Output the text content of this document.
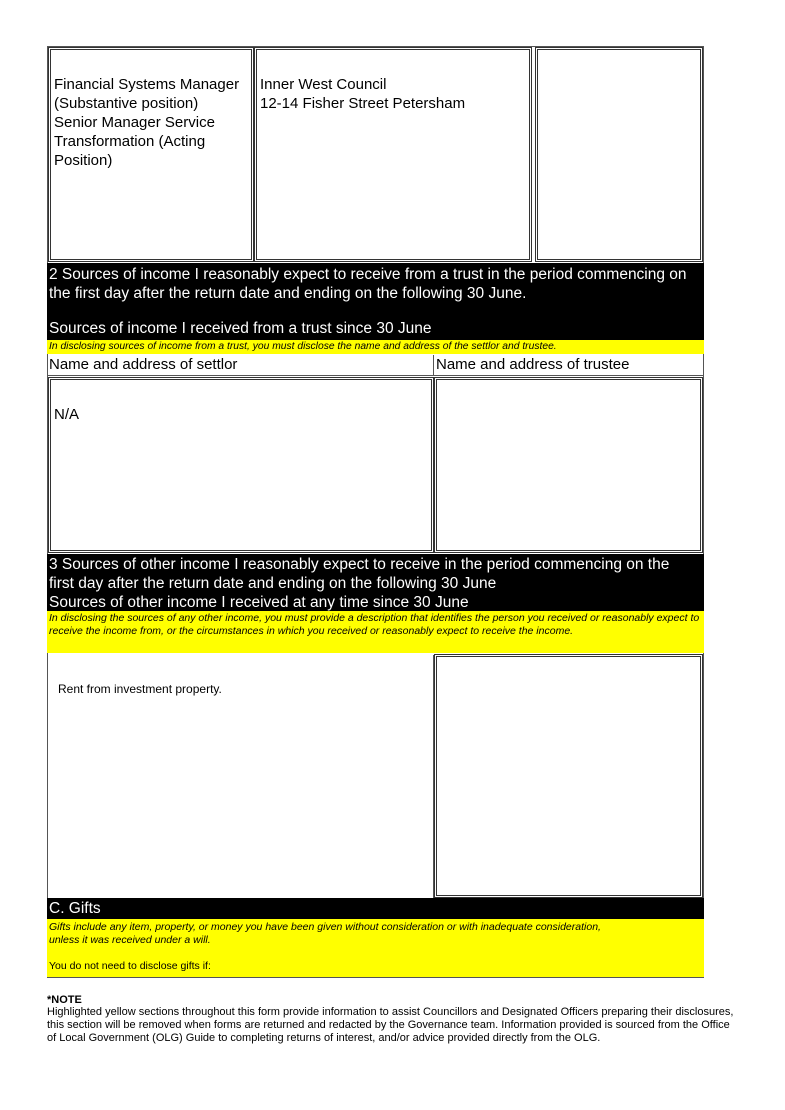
Financial Systems Manager
(Substantive position)
Senior Manager Service
Transformation (Acting
Position)

Inner West Council
12-14 Fisher Street Petersham

2 Sources of income I reasonably expect to receive from a trust in the period commencing on
the first day after the return date and ending on the following 30 June.
Sources of income I received from a trust since 30 June
In disclosing sources of income from a trust, you must disclose the name and address of the settlor and trustee.
Name and address of settlor	Name and address of trustee

N/A

3 Sources of other income I reasonably expect to receive in the period commencing on the
first day after the return date and ending on the following 30 June
Sources of other income I received at any time since 30 June
In disclosing the sources of any other income, you must provide a description that identifies the person you received or reasonably expect to receive the income from, or the circumstances in which you received or reasonably expect to receive the income.

Rent from investment property.

C. Gifts
Gifts include any item, property, or money you have been given without consideration or with inadequate consideration,
unless it was received under a will.
You do not need to disclose gifts if:
*NOTE
Highlighted yellow sections throughout this form provide information to assist Councillors and Designated Officers preparing their disclosures, this section will be removed when forms are returned and redacted by the Governance team. Information provided is sourced from the Office of Local Government (OLG) Guide to completing returns of interest, and/or advice provided directly from the OLG.
